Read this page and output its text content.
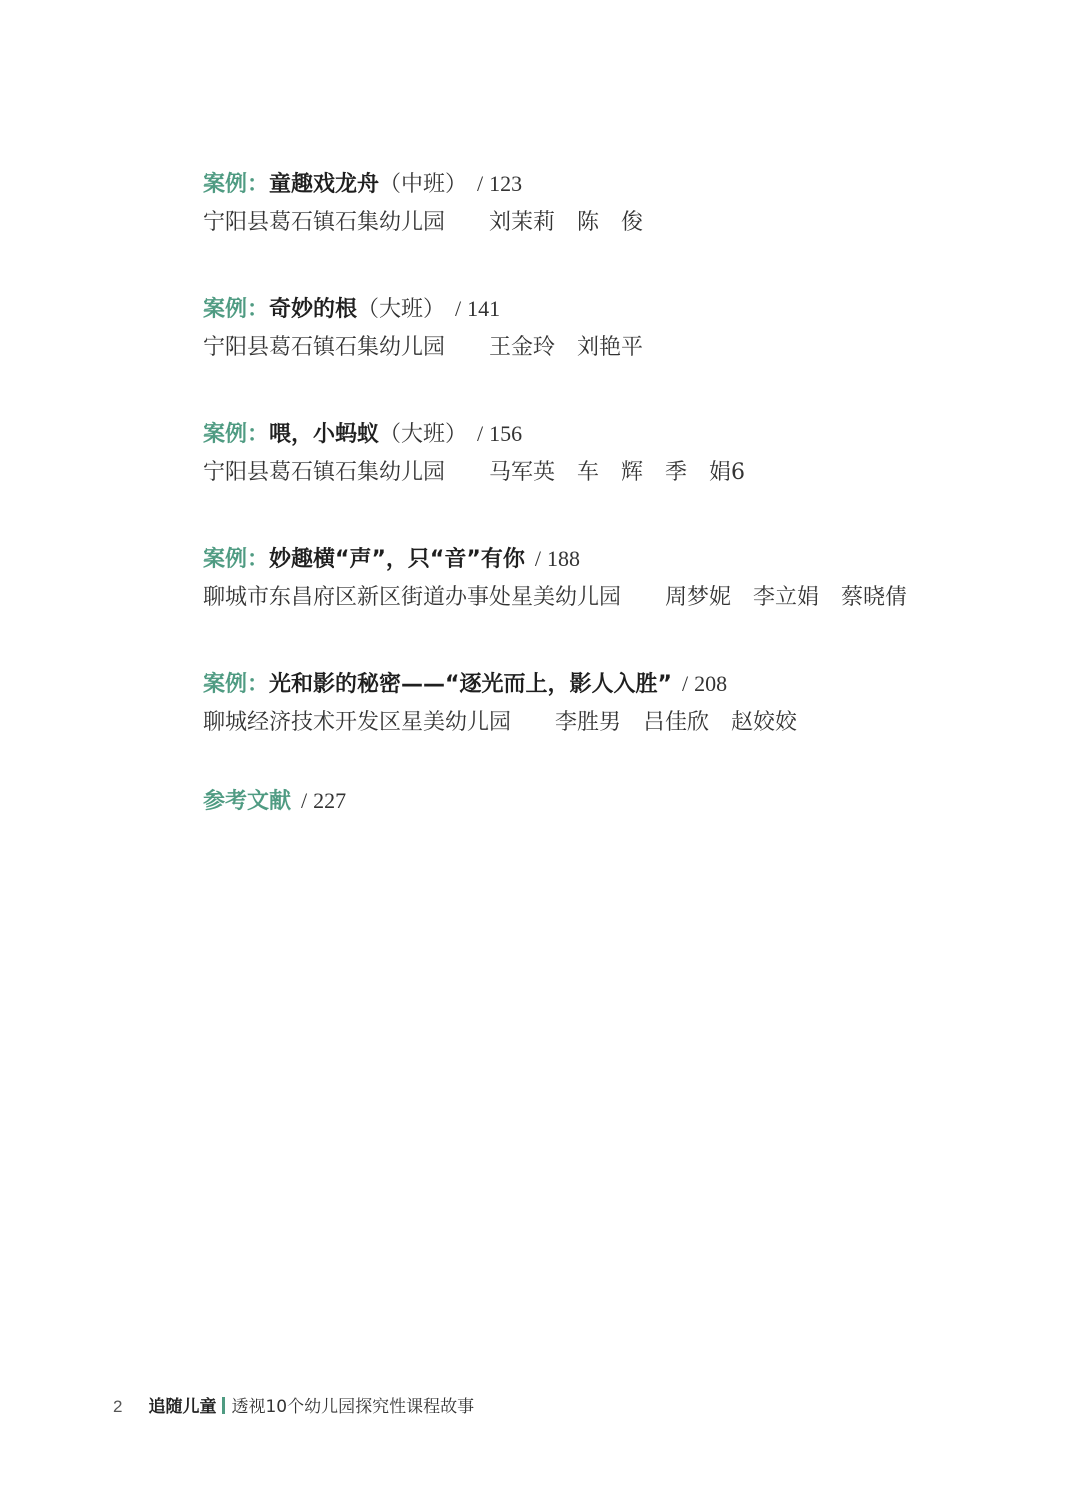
案例：童趣戏龙舟（中班） / 123
宁阳县葛石镇石集幼儿园 刘茉莉 陈　俊
案例：奇妙的根（大班） / 141
宁阳县葛石镇石集幼儿园 王金玲 刘艳平
案例：喂，小蚂蚁（大班） / 156
宁阳县葛石镇石集幼儿园 马军英 车　辉 季　娟6
案例：妙趣横“声”，只“音”有你 / 188
聊城市东昌府区新区街道办事处星美幼儿园 周梦妮 李立娟 蔡晓倩
案例：光和影的秘密——“逐光而上，影人入胜” / 208
聊城经济技术开发区星美幼儿园 李胜男 吕佳欣 赵姣姣
参考文献 / 227
2 追随儿童 透视10个幼儿园探究性课程故事
